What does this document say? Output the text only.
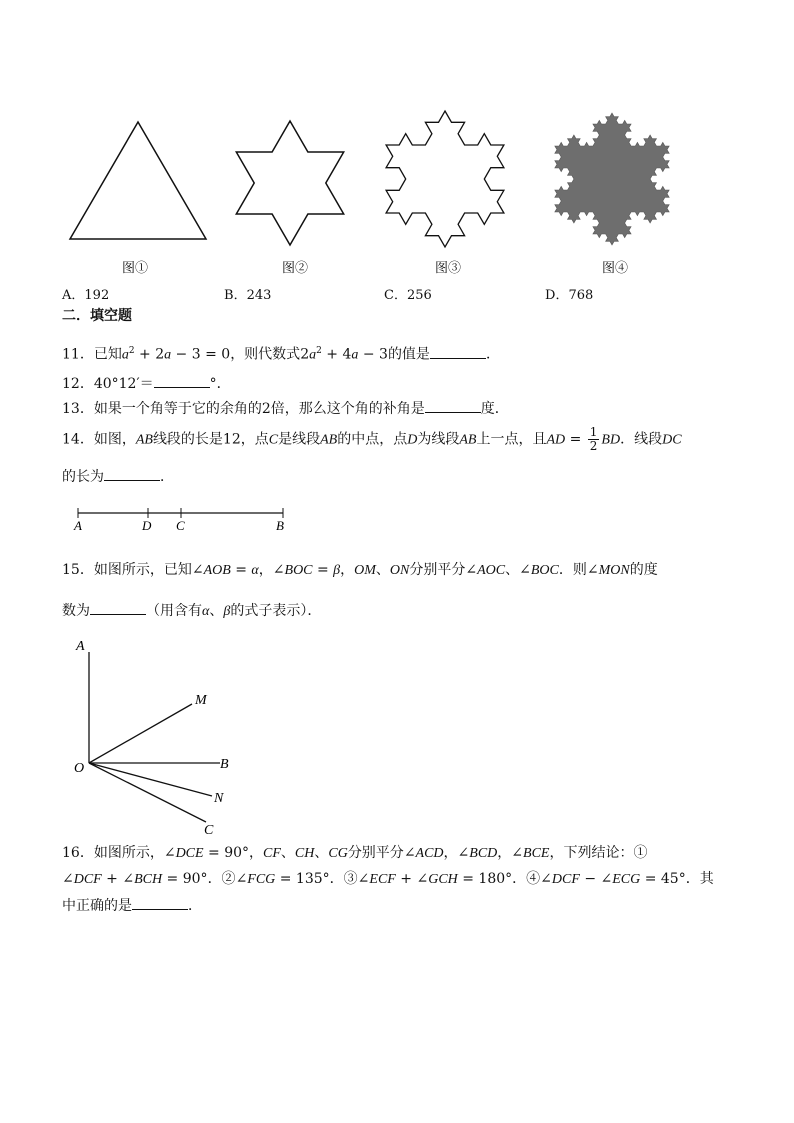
图①	图②	图③	图④
A．192	B．243	C．256	D．768
二．填空题
11．已知$a^2 + 2a - 3 = 0$，则代数式$2a^2 + 4a - 3$的值是	．
12．40°12′＝	°．
13．如果一个角等于它的余角的2倍，那么这个角的补角是	度．
14．如图，AB线段的长是12，点C是线段AB的中点，点D为线段AB上一点，且AD = $\frac{1}{2}$ BD．线段DC
的长为	．
A	D C	B
15．如图所示，已知∠AOB = α，∠BOC = β，OM、ON分别平分∠AOC、∠BOC．则∠MON的度
数为	（用含有α、β的式子表示）．
A
M
O	B
N
C
16．如图所示，∠DCE = 90°，CF、CH、CG分别平分∠ACD，∠BCD，∠BCE，下列结论：①
∠DCF + ∠BCH = 90°．②∠FCG = 135°．③∠ECF + ∠GCH = 180°．④∠DCF − ∠ECG = 45°．其
中正确的是	．
